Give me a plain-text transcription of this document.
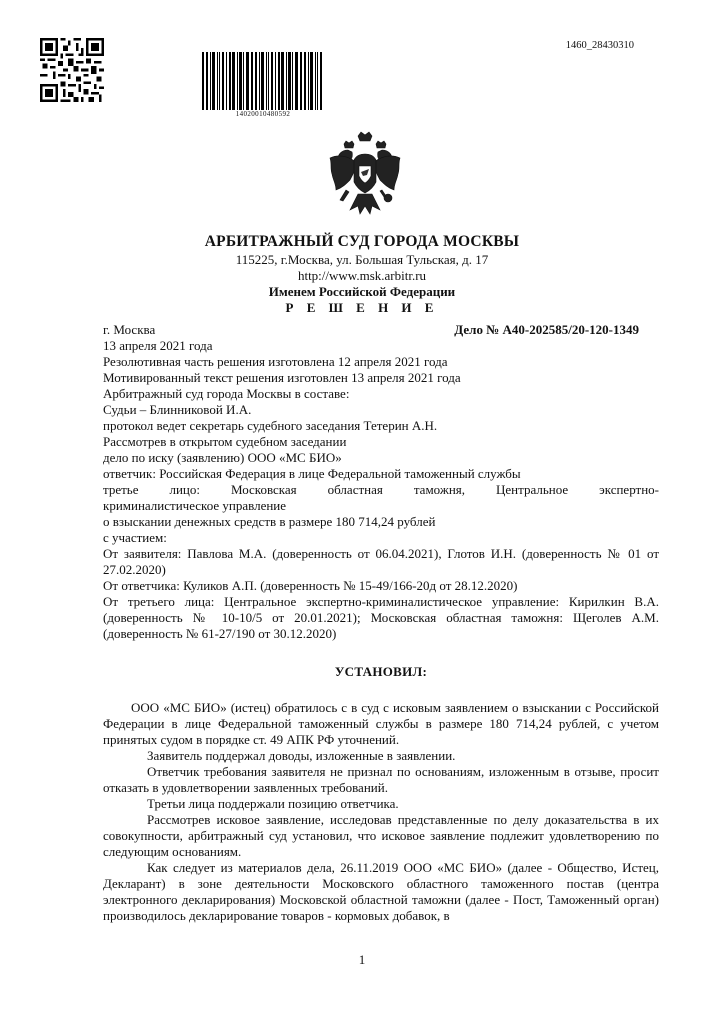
14020010480592
1460_28430310
АРБИТРАЖНЫЙ СУД ГОРОДА МОСКВЫ
115225, г.Москва, ул. Большая Тульская, д. 17
http://www.msk.arbitr.ru
Именем Российской Федерации
Р Е Ш Е Н И Е
г. Москва	Дело № А40-202585/20-120-1349
13 апреля 2021 года
Резолютивная часть решения изготовлена 12 апреля 2021 года
Мотивированный текст решения изготовлен 13 апреля 2021 года
Арбитражный суд города Москвы в составе:
Судьи – Блинниковой И.А.
протокол ведет секретарь судебного заседания Тетерин А.Н.
Рассмотрев в открытом судебном заседании
дело по иску (заявлению) ООО «МС БИО»
ответчик: Российская Федерация в лице Федеральной таможенный службы
третье лицо: Московская областная таможня, Центральное экспертно-
криминалистическое управление
о взыскании денежных средств в размере 180 714,24 рублей
с участием:

От заявителя: Павлова М.А. (доверенность от 06.04.2021), Глотов И.Н. (доверенность № 01 от 27.02.2020)

От ответчика: Куликов А.П. (доверенность № 15-49/166-20д от 28.12.2020)

От третьего лица: Центральное экспертно-криминалистическое управление: Кирилкин В.А. (доверенность № 10-10/5 от 20.01.2021); Московская областная таможня: Щеголев А.М. (доверенность № 61-27/190 от 30.12.2020)

УСТАНОВИЛ:

ООО «МС БИО» (истец) обратилось с в суд с исковым заявлением о взыскании с Российской Федерации в лице Федеральной таможенный службы в размере 180 714,24 рублей, с учетом принятых судом в порядке ст. 49 АПК РФ уточнений.

Заявитель поддержал доводы, изложенные в заявлении.

Ответчик требования заявителя не признал по основаниям, изложенным в отзыве, просит отказать в удовлетворении заявленных требований.

Третьи лица поддержали позицию ответчика.

Рассмотрев исковое заявление, исследовав представленные по делу доказательства в их совокупности, арбитражный суд установил, что исковое заявление подлежит удовлетворению по следующим основаниям.

Как следует из материалов дела, 26.11.2019 ООО «МС БИО» (далее - Общество, Истец, Декларант) в зоне деятельности Московского областного таможенного постав (центра электронного декларирования) Московской областной таможни (далее - Пост, Таможенный орган) производилось декларирование товаров - кормовых добавок, в

1
